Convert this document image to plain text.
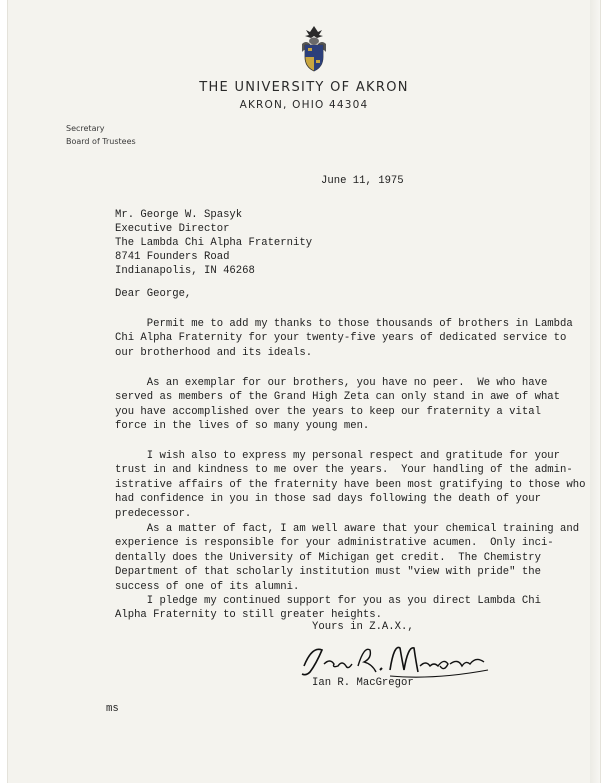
THE UNIVERSITY OF AKRON
AKRON, OHIO 44304
Secretary
Board of Trustees
June 11, 1975
Mr. George W. Spasyk
Executive Director
The Lambda Chi Alpha Fraternity
8741 Founders Road
Indianapolis, IN 46268
Dear George,
Permit me to add my thanks to those thousands of brothers in Lambda
Chi Alpha Fraternity for your twenty-five years of dedicated service to
our brotherhood and its ideals.
As an exemplar for our brothers, you have no peer.  We who have
served as members of the Grand High Zeta can only stand in awe of what
you have accomplished over the years to keep our fraternity a vital
force in the lives of so many young men.
I wish also to express my personal respect and gratitude for your
trust in and kindness to me over the years.  Your handling of the admin-
istrative affairs of the fraternity have been most gratifying to those who
had confidence in you in those sad days following the death of your
predecessor.
As a matter of fact, I am well aware that your chemical training and
experience is responsible for your administrative acumen.  Only inci-
dentally does the University of Michigan get credit.  The Chemistry
Department of that scholarly institution must "view with pride" the
success of one of its alumni.
I pledge my continued support for you as you direct Lambda Chi
Alpha Fraternity to still greater heights.
Yours in Z.A.X.,
Ian R. MacGregor
ms
